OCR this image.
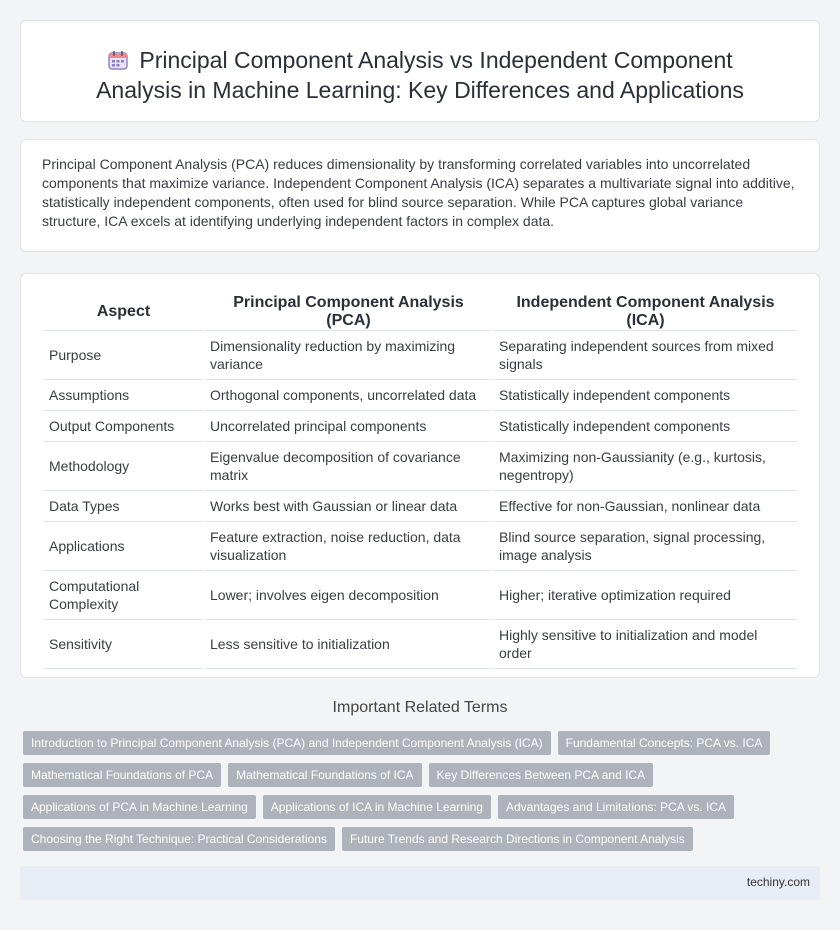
Principal Component Analysis vs Independent Component Analysis in Machine Learning: Key Differences and Applications

Principal Component Analysis (PCA) reduces dimensionality by transforming correlated variables into uncorrelated components that maximize variance. Independent Component Analysis (ICA) separates a multivariate signal into additive, statistically independent components, often used for blind source separation. While PCA captures global variance structure, ICA excels at identifying underlying independent factors in complex data.

Aspect	Principal Component Analysis (PCA)	Independent Component Analysis (ICA)
Purpose	Dimensionality reduction by maximizing variance	Separating independent sources from mixed signals
Assumptions	Orthogonal components, uncorrelated data	Statistically independent components
Output Components	Uncorrelated principal components	Statistically independent components
Methodology	Eigenvalue decomposition of covariance matrix	Maximizing non-Gaussianity (e.g., kurtosis, negentropy)
Data Types	Works best with Gaussian or linear data	Effective for non-Gaussian, nonlinear data
Applications	Feature extraction, noise reduction, data visualization	Blind source separation, signal processing, image analysis
Computational Complexity	Lower; involves eigen decomposition	Higher; iterative optimization required
Sensitivity	Less sensitive to initialization	Highly sensitive to initialization and model order
Important Related Terms
Introduction to Principal Component Analysis (PCA) and Independent Component Analysis (ICA)	Fundamental Concepts: PCA vs. ICA
Mathematical Foundations of PCA	Mathematical Foundations of ICA	Key Differences Between PCA and ICA
Applications of PCA in Machine Learning	Applications of ICA in Machine Learning	Advantages and Limitations: PCA vs. ICA
Choosing the Right Technique: Practical Considerations	Future Trends and Research Directions in Component Analysis
techiny.com
